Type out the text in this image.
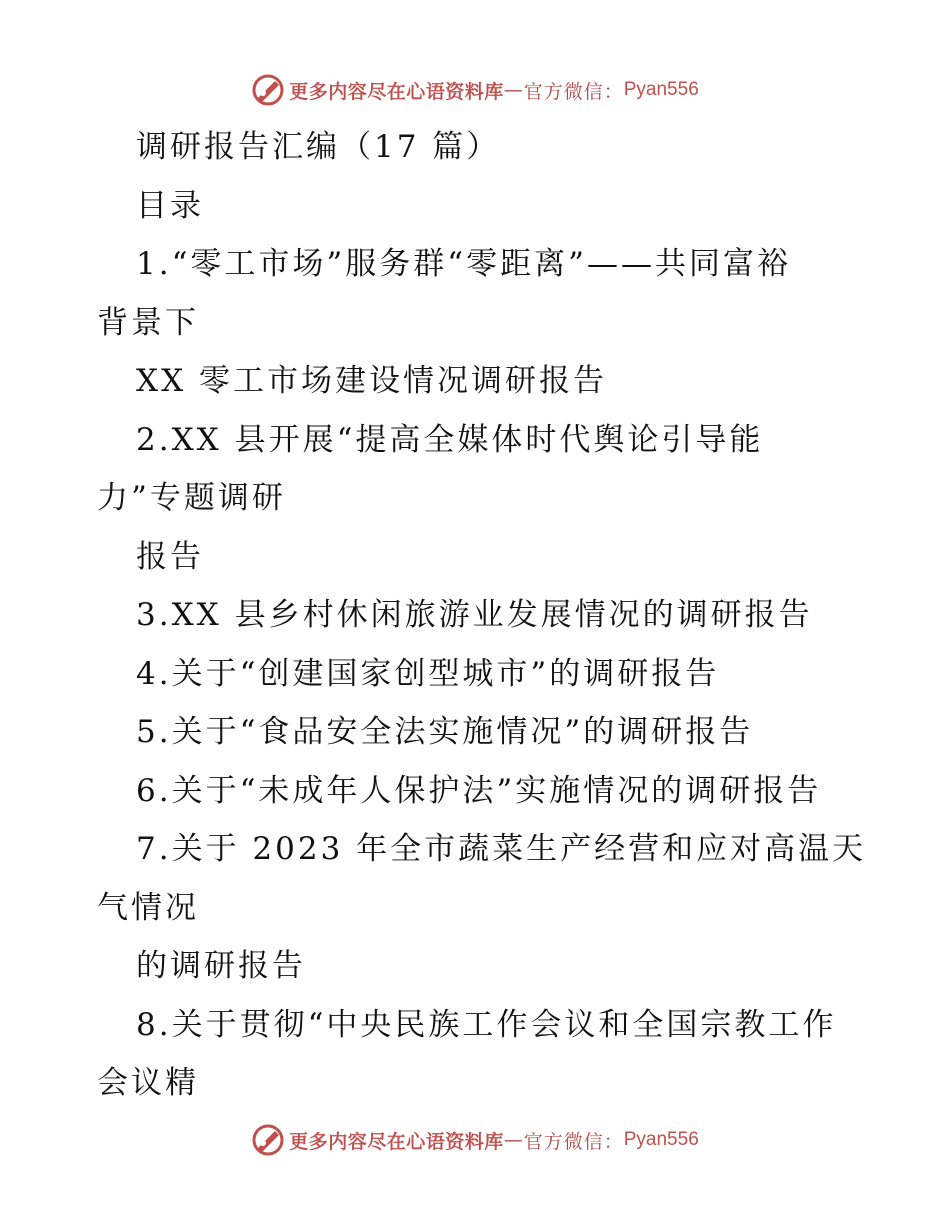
更多内容尽在心语资料库 — 官方微信： Pyan556
调研报告汇编（17 篇）
目录
1.“零工市场”服务群“零距离”——共同富裕
背景下
XX 零工市场建设情况调研报告
2.XX 县开展“提高全媒体时代舆论引导能
力”专题调研
报告
3.XX 县乡村休闲旅游业发展情况的调研报告
4.关于“创建国家创型城市”的调研报告
5.关于“食品安全法实施情况”的调研报告
6.关于“未成年人保护法”实施情况的调研报告
7.关于 2023 年全市蔬菜生产经营和应对高温天
气情况
的调研报告
8.关于贯彻“中央民族工作会议和全国宗教工作
会议精
更多内容尽在心语资料库 — 官方微信： Pyan556
